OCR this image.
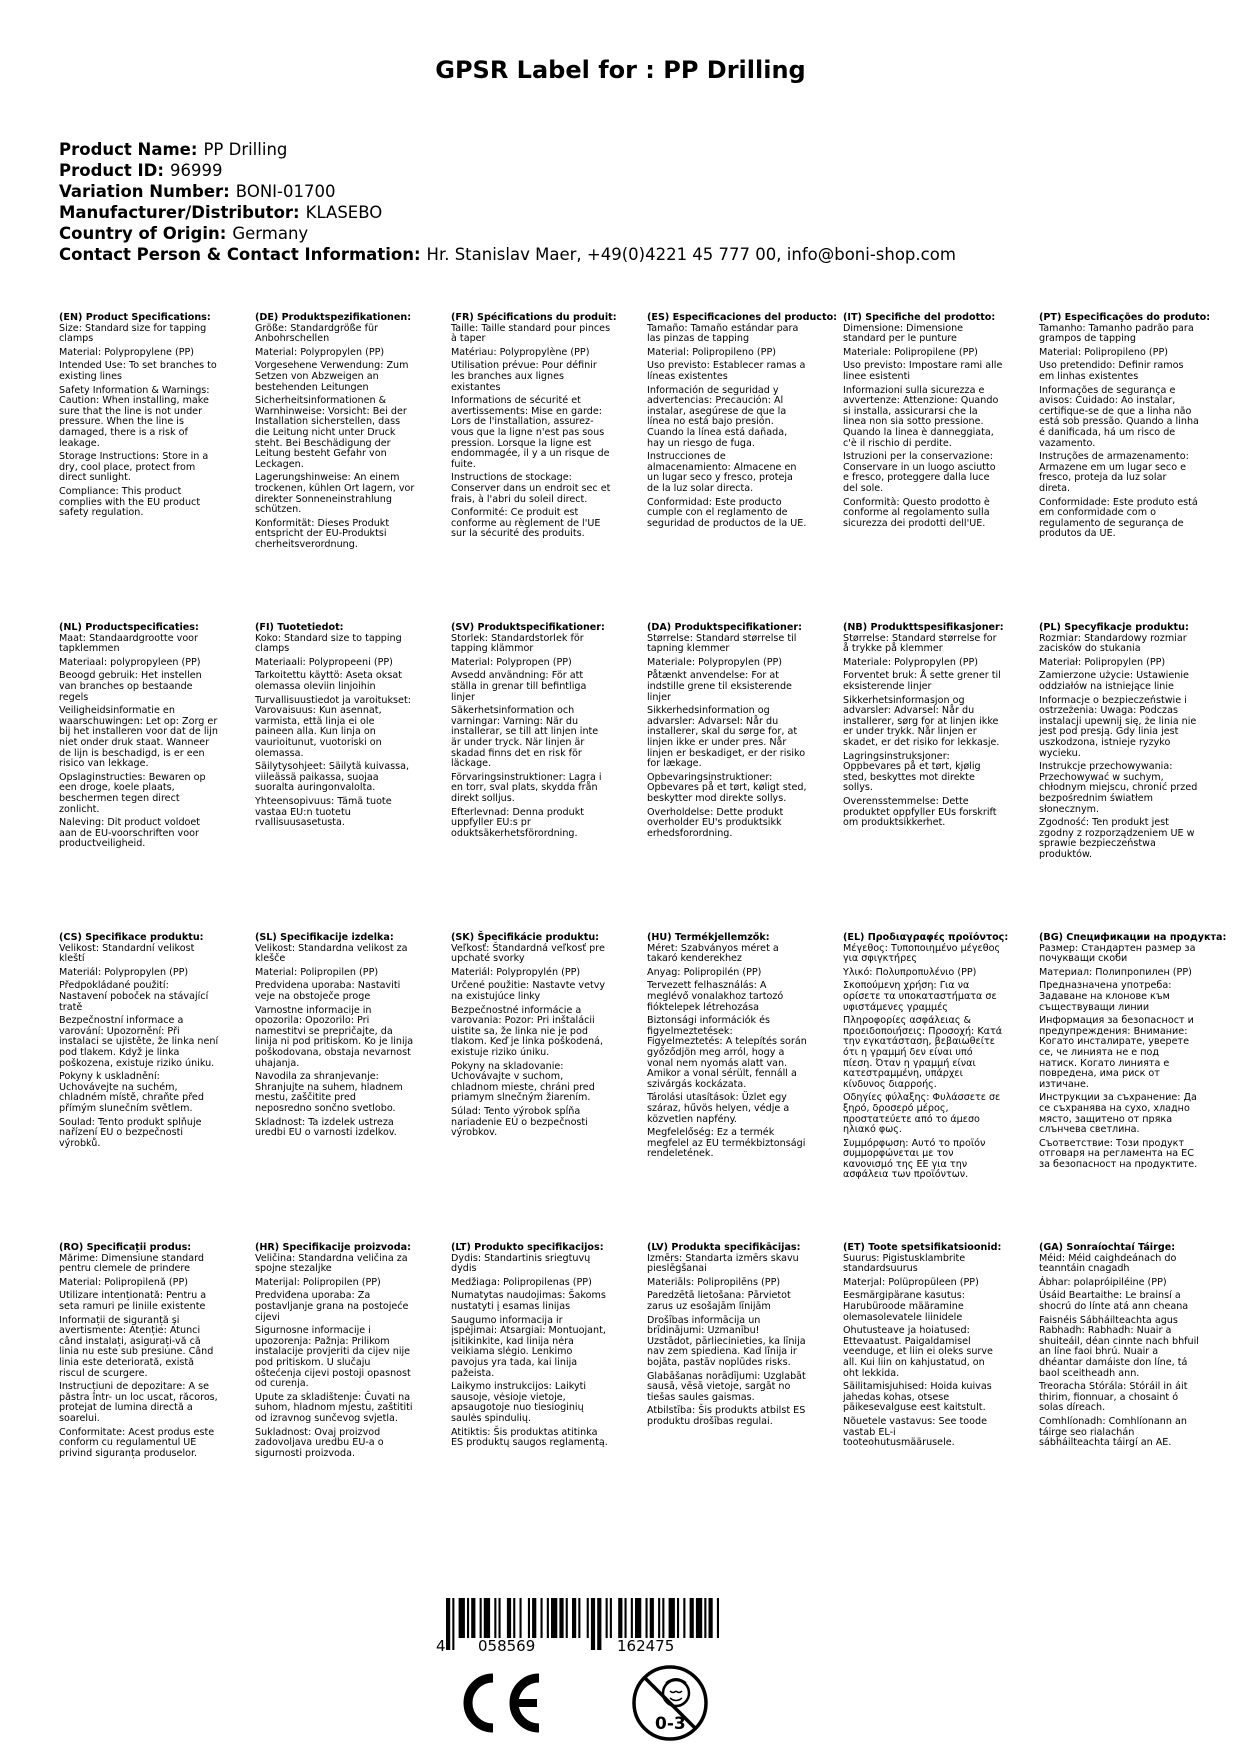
GPSR Label for : PP Drilling
Product Name: PP Drilling
Product ID: 96999
Variation Number: BONI-01700
Manufacturer/Distributor: KLASEBO
Country of Origin: Germany
Contact Person & Contact Information: Hr. Stanislav Maer, +49(0)4221 45 777 00, info@boni-shop.com
(EN) Product Specifications:

Size: Standard size for tapping clamps

Material: Polypropylene (PP)

Intended Use: To set branches to existing lines

Safety Information & Warnings: Caution: When installing, make sure that the line is not under pressure. When the line is damaged, there is a risk of leakage.

Storage Instructions: Store in a dry, cool place, protect from direct sunlight.

Compliance: This product complies with the EU product safety regulation.

(DE) Produktspezifikationen:

Größe: Standardgröße für Anbohrschellen

Material: Polypropylen (PP)

Vorgesehene Verwendung: Zum Setzen von Abzweigen an bestehenden Leitungen

Sicherheitsinformationen & Warnhinweise: Vorsicht: Bei der Installation sicherstellen, dass die Leitung nicht unter Druck steht. Bei Beschädigung der Leitung besteht Gefahr von Leckagen.

Lagerungshinweise: An einem trockenen, kühlen Ort lagern, vor direkter Sonneneinstrahlung schützen.

Konformität: Dieses Produkt entspricht der EU-Produktsi cherheitsverordnung.

(FR) Spécifications du produit:

Taille: Taille standard pour pinces à taper

Matériau: Polypropylène (PP)

Utilisation prévue: Pour définir les branches aux lignes existantes

Informations de sécurité et avertissements: Mise en garde: Lors de l'installation, assurez-vous que la ligne n'est pas sous pression. Lorsque la ligne est endommagée, il y a un risque de fuite.

Instructions de stockage: Conserver dans un endroit sec et frais, à l'abri du soleil direct.

Conformité: Ce produit est conforme au règlement de l'UE sur la sécurité des produits.

(ES) Especificaciones del producto:

Tamaño: Tamaño estándar para las pinzas de tapping

Material: Polipropileno (PP)

Uso previsto: Establecer ramas a líneas existentes

Información de seguridad y advertencias: Precaución: Al instalar, asegúrese de que la línea no está bajo presión. Cuando la línea está dañada, hay un riesgo de fuga.

Instrucciones de almacenamiento: Almacene en un lugar seco y fresco, proteja de la luz solar directa.

Conformidad: Este producto cumple con el reglamento de seguridad de productos de la UE.

(IT) Specifiche del prodotto:

Dimensione: Dimensione standard per le punture

Materiale: Polipropilene (PP)

Uso previsto: Impostare rami alle linee esistenti

Informazioni sulla sicurezza e avvertenze: Attenzione: Quando si installa, assicurarsi che la linea non sia sotto pressione. Quando la linea è danneggiata, c'è il rischio di perdite.

Istruzioni per la conservazione: Conservare in un luogo asciutto e fresco, proteggere dalla luce del sole.

Conformità: Questo prodotto è conforme al regolamento sulla sicurezza dei prodotti dell'UE.

(PT) Especificações do produto:

Tamanho: Tamanho padrão para grampos de tapping

Material: Polipropileno (PP)

Uso pretendido: Definir ramos em linhas existentes

Informações de segurança e avisos: Cuidado: Ao instalar, certifique-se de que a linha não está sob pressão. Quando a linha é danificada, há um risco de vazamento.

Instruções de armazenamento: Armazene em um lugar seco e fresco, proteja da luz solar direta.

Conformidade: Este produto está em conformidade com o regulamento de segurança de produtos da UE.

(NL) Productspecificaties:

Maat: Standaardgrootte voor tapklemmen

Materiaal: polypropyleen (PP)

Beoogd gebruik: Het instellen van branches op bestaande regels

Veiligheidsinformatie en waarschuwingen: Let op: Zorg er bij het installeren voor dat de lijn niet onder druk staat. Wanneer de lijn is beschadigd, is er een risico van lekkage.

Opslaginstructies: Bewaren op een droge, koele plaats, beschermen tegen direct zonlicht.

Naleving: Dit product voldoet aan de EU-voorschriften voor productveiligheid.

(FI) Tuotetiedot:

Koko: Standard size to tapping clamps

Materiaali: Polypropeeni (PP)

Tarkoitettu käyttö: Aseta oksat olemassa oleviin linjoihin

Turvallisuustiedot ja varoitukset: Varovaisuus: Kun asennat, varmista, että linja ei ole paineen alla. Kun linja on vaurioitunut, vuotoriski on olemassa.

Säilytysohjeet: Säilytä kuivassa, viileässä paikassa, suojaa suoralta auringonvalolta.

Yhteensopivuus: Tämä tuote vastaa EU:n tuotetu rvallisuusasetusta.

(SV) Produktspecifikationer:

Storlek: Standardstorlek för tapping klämmor

Material: Polypropen (PP)

Avsedd användning: För att ställa in grenar till befintliga linjer

Säkerhetsinformation och varningar: Varning: När du installerar, se till att linjen inte är under tryck. När linjen är skadad finns det en risk för läckage.

Förvaringsinstruktioner: Lagra i en torr, sval plats, skydda från direkt solljus.

Efterlevnad: Denna produkt uppfyller EU:s pr oduktsäkerhetsförordning.

(DA) Produktspecifikationer:

Størrelse: Standard størrelse til tapning klemmer

Materiale: Polypropylen (PP)

Påtænkt anvendelse: For at indstille grene til eksisterende linjer

Sikkerhedsinformation og advarsler: Advarsel: Når du installerer, skal du sørge for, at linjen ikke er under pres. Når linjen er beskadiget, er der risiko for lækage.

Opbevaringsinstruktioner: Opbevares på et tørt, køligt sted, beskytter mod direkte sollys.

Overholdelse: Dette produkt overholder EU's produktsikk erhedsforordning.

(NB) Produkttspesifikasjoner:

Størrelse: Standard størrelse for å trykke på klemmer

Materiale: Polypropylen (PP)

Forventet bruk: Å sette grener til eksisterende linjer

Sikkerhetsinformasjon og advarsler: Advarsel: Når du installerer, sørg for at linjen ikke er under trykk. Når linjen er skadet, er det risiko for lekkasje.

Lagringsinstruksjoner: Oppbevares på et tørt, kjølig sted, beskyttes mot direkte sollys.

Overensstemmelse: Dette produktet oppfyller EUs forskrift om produktsikkerhet.

(PL) Specyfikacje produktu:

Rozmiar: Standardowy rozmiar zacisków do stukania

Materiał: Polipropylen (PP)

Zamierzone użycie: Ustawienie oddziałów na istniejące linie

Informacje o bezpieczeństwie i ostrzeżenia: Uwaga: Podczas instalacji upewnij się, że linia nie jest pod presją. Gdy linia jest uszkodzona, istnieje ryzyko wycieku.

Instrukcje przechowywania: Przechowywać w suchym, chłodnym miejscu, chronić przed bezpośrednim światłem słonecznym.

Zgodność: Ten produkt jest zgodny z rozporządzeniem UE w sprawie bezpieczeństwa produktów.

(CS) Specifikace produktu:

Velikost: Standardní velikost kleští

Materiál: Polypropylen (PP)

Předpokládané použití: Nastavení poboček na stávající tratě

Bezpečnostní informace a varování: Upozornění: Při instalaci se ujistěte, že linka není pod tlakem. Když je linka poškozena, existuje riziko úniku.

Pokyny k uskladnění: Uchovávejte na suchém, chladném místě, chraňte před přímým slunečním světlem.

Soulad: Tento produkt splňuje nařízení EU o bezpečnosti výrobků.

(SL) Specifikacije izdelka:

Velikost: Standardna velikost za klešče

Material: Polipropilen (PP)

Predvidena uporaba: Nastaviti veje na obstoječe proge

Varnostne informacije in opozorila: Opozorilo: Pri namestitvi se prepričajte, da linija ni pod pritiskom. Ko je linija poškodovana, obstaja nevarnost uhajanja.

Navodila za shranjevanje: Shranjujte na suhem, hladnem mestu, zaščitite pred neposredno sončno svetlobo.

Skladnost: Ta izdelek ustreza uredbi EU o varnosti izdelkov.

(SK) Špecifikácie produktu:

Veľkosť: Štandardná veľkosť pre upchaté svorky

Materiál: Polypropylén (PP)

Určené použitie: Nastavte vetvy na existujúce linky

Bezpečnostné informácie a varovania: Pozor: Pri inštalácii uistite sa, že linka nie je pod tlakom. Keď je linka poškodená, existuje riziko úniku.

Pokyny na skladovanie: Uchovávajte v suchom, chladnom mieste, chráni pred priamym slnečným žiarením.

Súlad: Tento výrobok spĺňa nariadenie EÚ o bezpečnosti výrobkov.

(HU) Termékjellemzők:

Méret: Szabványos méret a takaró kenderekhez

Anyag: Polipropilén (PP)

Tervezett felhasználás: A meglévő vonalakhoz tartozó fióktelepek létrehozása

Biztonsági információk és figyelmeztetések: Figyelmeztetés: A telepítés során győződjön meg arról, hogy a vonal nem nyomás alatt van. Amikor a vonal sérült, fennáll a szivárgás kockázata.

Tárolási utasítások: Üzlet egy száraz, hűvös helyen, védje a közvetlen napfény.

Megfelelőség: Ez a termék megfelel az EU termékbiztonsági rendeletének.

(EL) Προδιαγραφές προϊόντος:

Μέγεθος: Τυποποιημένο μέγεθος για σφιγκτήρες

Υλικό: Πολυπροπυλένιο (PP)

Σκοπούμενη χρήση: Για να ορίσετε τα υποκαταστήματα σε υφιστάμενες γραμμές

Πληροφορίες ασφάλειας & προειδοποιήσεις: Προσοχή: Κατά την εγκατάσταση, βεβαιωθείτε ότι η γραμμή δεν είναι υπό πίεση. Όταν η γραμμή είναι κατεστραμμένη, υπάρχει κίνδυνος διαρροής.

Οδηγίες φύλαξης: Φυλάσσετε σε ξηρό, δροσερό μέρος, προστατεύετε από το άμεσο ηλιακό φως.

Συμμόρφωση: Αυτό το προϊόν συμμορφώνεται με τον κανονισμό της ΕΕ για την ασφάλεια των προϊόντων.

(BG) Спецификации на продукта:

Размер: Стандартен размер за почукващи скоби

Материал: Полипропилен (PP)

Предназначена употреба: Задаване на клонове към съществуващи линии

Информация за безопасност и предупреждения: Внимание: Когато инсталирате, уверете се, че линията не е под натиск. Когато линията е повредена, има риск от изтичане.

Инструкции за съхранение: Да се съхранява на сухо, хладно място, защитено от пряка слънчева светлина.

Съответствие: Този продукт отговаря на регламента на ЕС за безопасност на продуктите.

(RO) Specificații produs:

Mărime: Dimensiune standard pentru clemele de prindere

Material: Polipropilenă (PP)

Utilizare intenționată: Pentru a seta ramuri pe liniile existente

Informații de siguranță și avertismente: Atenție: Atunci când instalați, asigurați-vă că linia nu este sub presiune. Când linia este deteriorată, există riscul de scurgere.

Instrucțiuni de depozitare: A se păstra într- un loc uscat, răcoros, protejat de lumina directă a soarelui.

Conformitate: Acest produs este conform cu regulamentul UE privind siguranța produselor.

(HR) Specifikacije proizvoda:

Veličina: Standardna veličina za spojne stezaljke

Materijal: Polipropilen (PP)

Predviđena uporaba: Za postavljanje grana na postojeće cijevi

Sigurnosne informacije i upozorenja: Pažnja: Prilikom instalacije provjeriti da cijev nije pod pritiskom. U slučaju oštećenja cijevi postoji opasnost od curenja.

Upute za skladištenje: Čuvati na suhom, hladnom mjestu, zaštititi od izravnog sunčevog svjetla.

Sukladnost: Ovaj proizvod zadovoljava uredbu EU-a o sigurnosti proizvoda.

(LT) Produkto specifikacijos:

Dydis: Standartinis sriegtuvų dydis

Medžiaga: Polipropilenas (PP)

Numatytas naudojimas: Šakoms nustatyti į esamas linijas

Saugumo informacija ir įspėjimai: Atsargiai: Montuojant, įsitikinkite, kad linija nėra veikiama slėgio. Lenkimo pavojus yra tada, kai linija pažeista.

Laikymo instrukcijos: Laikyti sausoje, vėsioje vietoje, apsaugotoje nuo tiesioginių saulės spindulių.

Atitiktis: Šis produktas atitinka ES produktų saugos reglamentą.

(LV) Produkta specifikācijas:

Izmērs: Standarta izmērs skavu pieslēgšanai

Materiāls: Polipropilēns (PP)

Paredzētā lietošana: Pārvietot zarus uz esošajām līnijām

Drošības informācija un brīdinājumi: Uzmanību! Uzstādot, pārliecinieties, ka līnija nav zem spiediena. Kad līnija ir bojāta, pastāv noplūdes risks.

Glabāšanas norādījumi: Uzglabāt sausā, vēsā vietoje, sargāt no tiešas saules gaismas.

Atbilstība: Šis produkts atbilst ES produktu drošības regulai.

(ET) Toote spetsifikatsioonid:

Suurus: Pigistusklambrite standardsuurus

Materjal: Polüpropüleen (PP)

Eesmärgipärane kasutus: Harubüroode määramine olemasolevatele liinidele

Ohutusteave ja hoiatused: Ettevaatust. Paigaldamisel veenduge, et liin ei oleks surve all. Kui liin on kahjustatud, on oht lekkida.

Säilitamisjuhised: Hoida kuivas jahedas kohas, otsese päikesevalguse eest kaitstult.

Nõuetele vastavus: See toode vastab EL-i tooteohutusmäärusele.

(GA) Sonraíochtaí Táirge:

Méid: Méid caighdeánach do teanntáin cnagadh

Ábhar: polapróipiléine (PP)

Úsáid Beartaithe: Le brainsí a shocrú do línte atá ann cheana

Faisnéis Sábháilteachta agus Rabhadh: Rabhadh: Nuair a shuiteáil, déan cinnte nach bhfuil an líne faoi bhrú. Nuair a dhéantar damáiste don líne, tá baol sceitheadh ann.

Treoracha Stórála: Stóráil in áit thirim, fionnuar, a chosaint ó solas díreach.

Comhlíonadh: Comhlíonann an táirge seo rialachán sábháilteachta táirgí an AE.

4 058569	162475
0-3
